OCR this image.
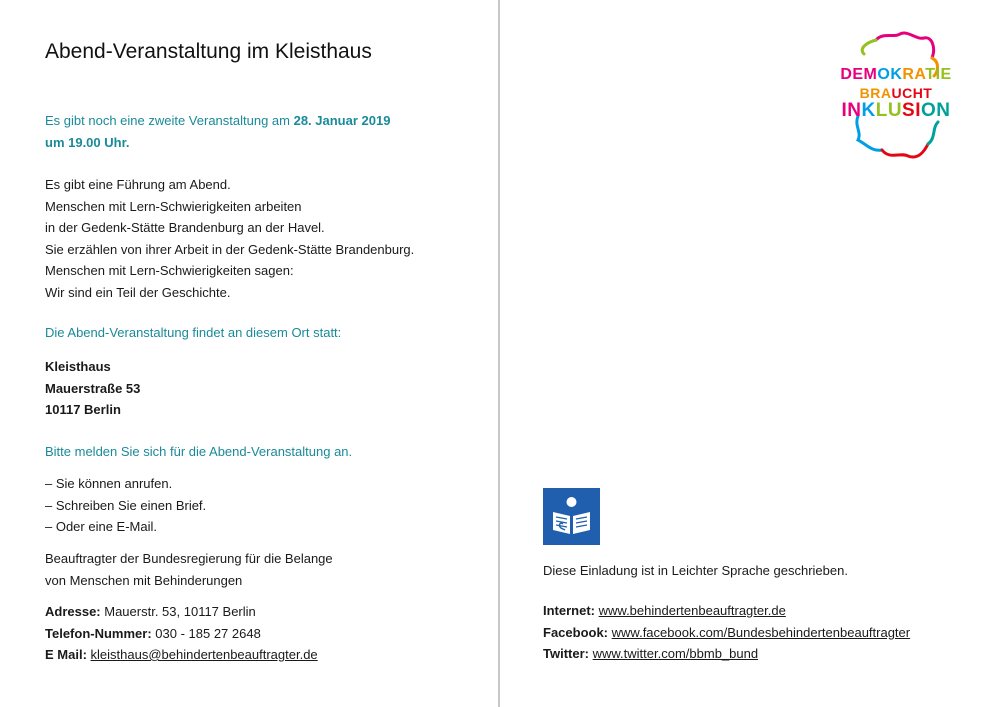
Abend-Veranstaltung im Kleisthaus
Es gibt noch eine zweite Veranstaltung am 28. Januar 2019
um 19.00 Uhr.
Es gibt eine Führung am Abend.
Menschen mit Lern-Schwierigkeiten arbeiten
in der Gedenk-Stätte Brandenburg an der Havel.
Sie erzählen von ihrer Arbeit in der Gedenk-Stätte Brandenburg.
Menschen mit Lern-Schwierigkeiten sagen:
Wir sind ein Teil der Geschichte.
Die Abend-Veranstaltung findet an diesem Ort statt:
Kleisthaus
Mauerstraße 53
10117 Berlin
Bitte melden Sie sich für die Abend-Veranstaltung an.
– Sie können anrufen.
– Schreiben Sie einen Brief.
– Oder eine E-Mail.
Beauftragter der Bundesregierung für die Belange
von Menschen mit Behinderungen
Adresse: Mauerstr. 53, 10117 Berlin
Telefon-Nummer: 030 - 185 27 2648
E Mail: kleisthaus@behindertenbeauftragter.de
DEMOKRATIE
BRAUCHT
INKLUSION
Diese Einladung ist in Leichter Sprache geschrieben.
Internet: www.behindertenbeauftragter.de
Facebook: www.facebook.com/Bundesbehindertenbeauftragter
Twitter: www.twitter.com/bbmb_bund
